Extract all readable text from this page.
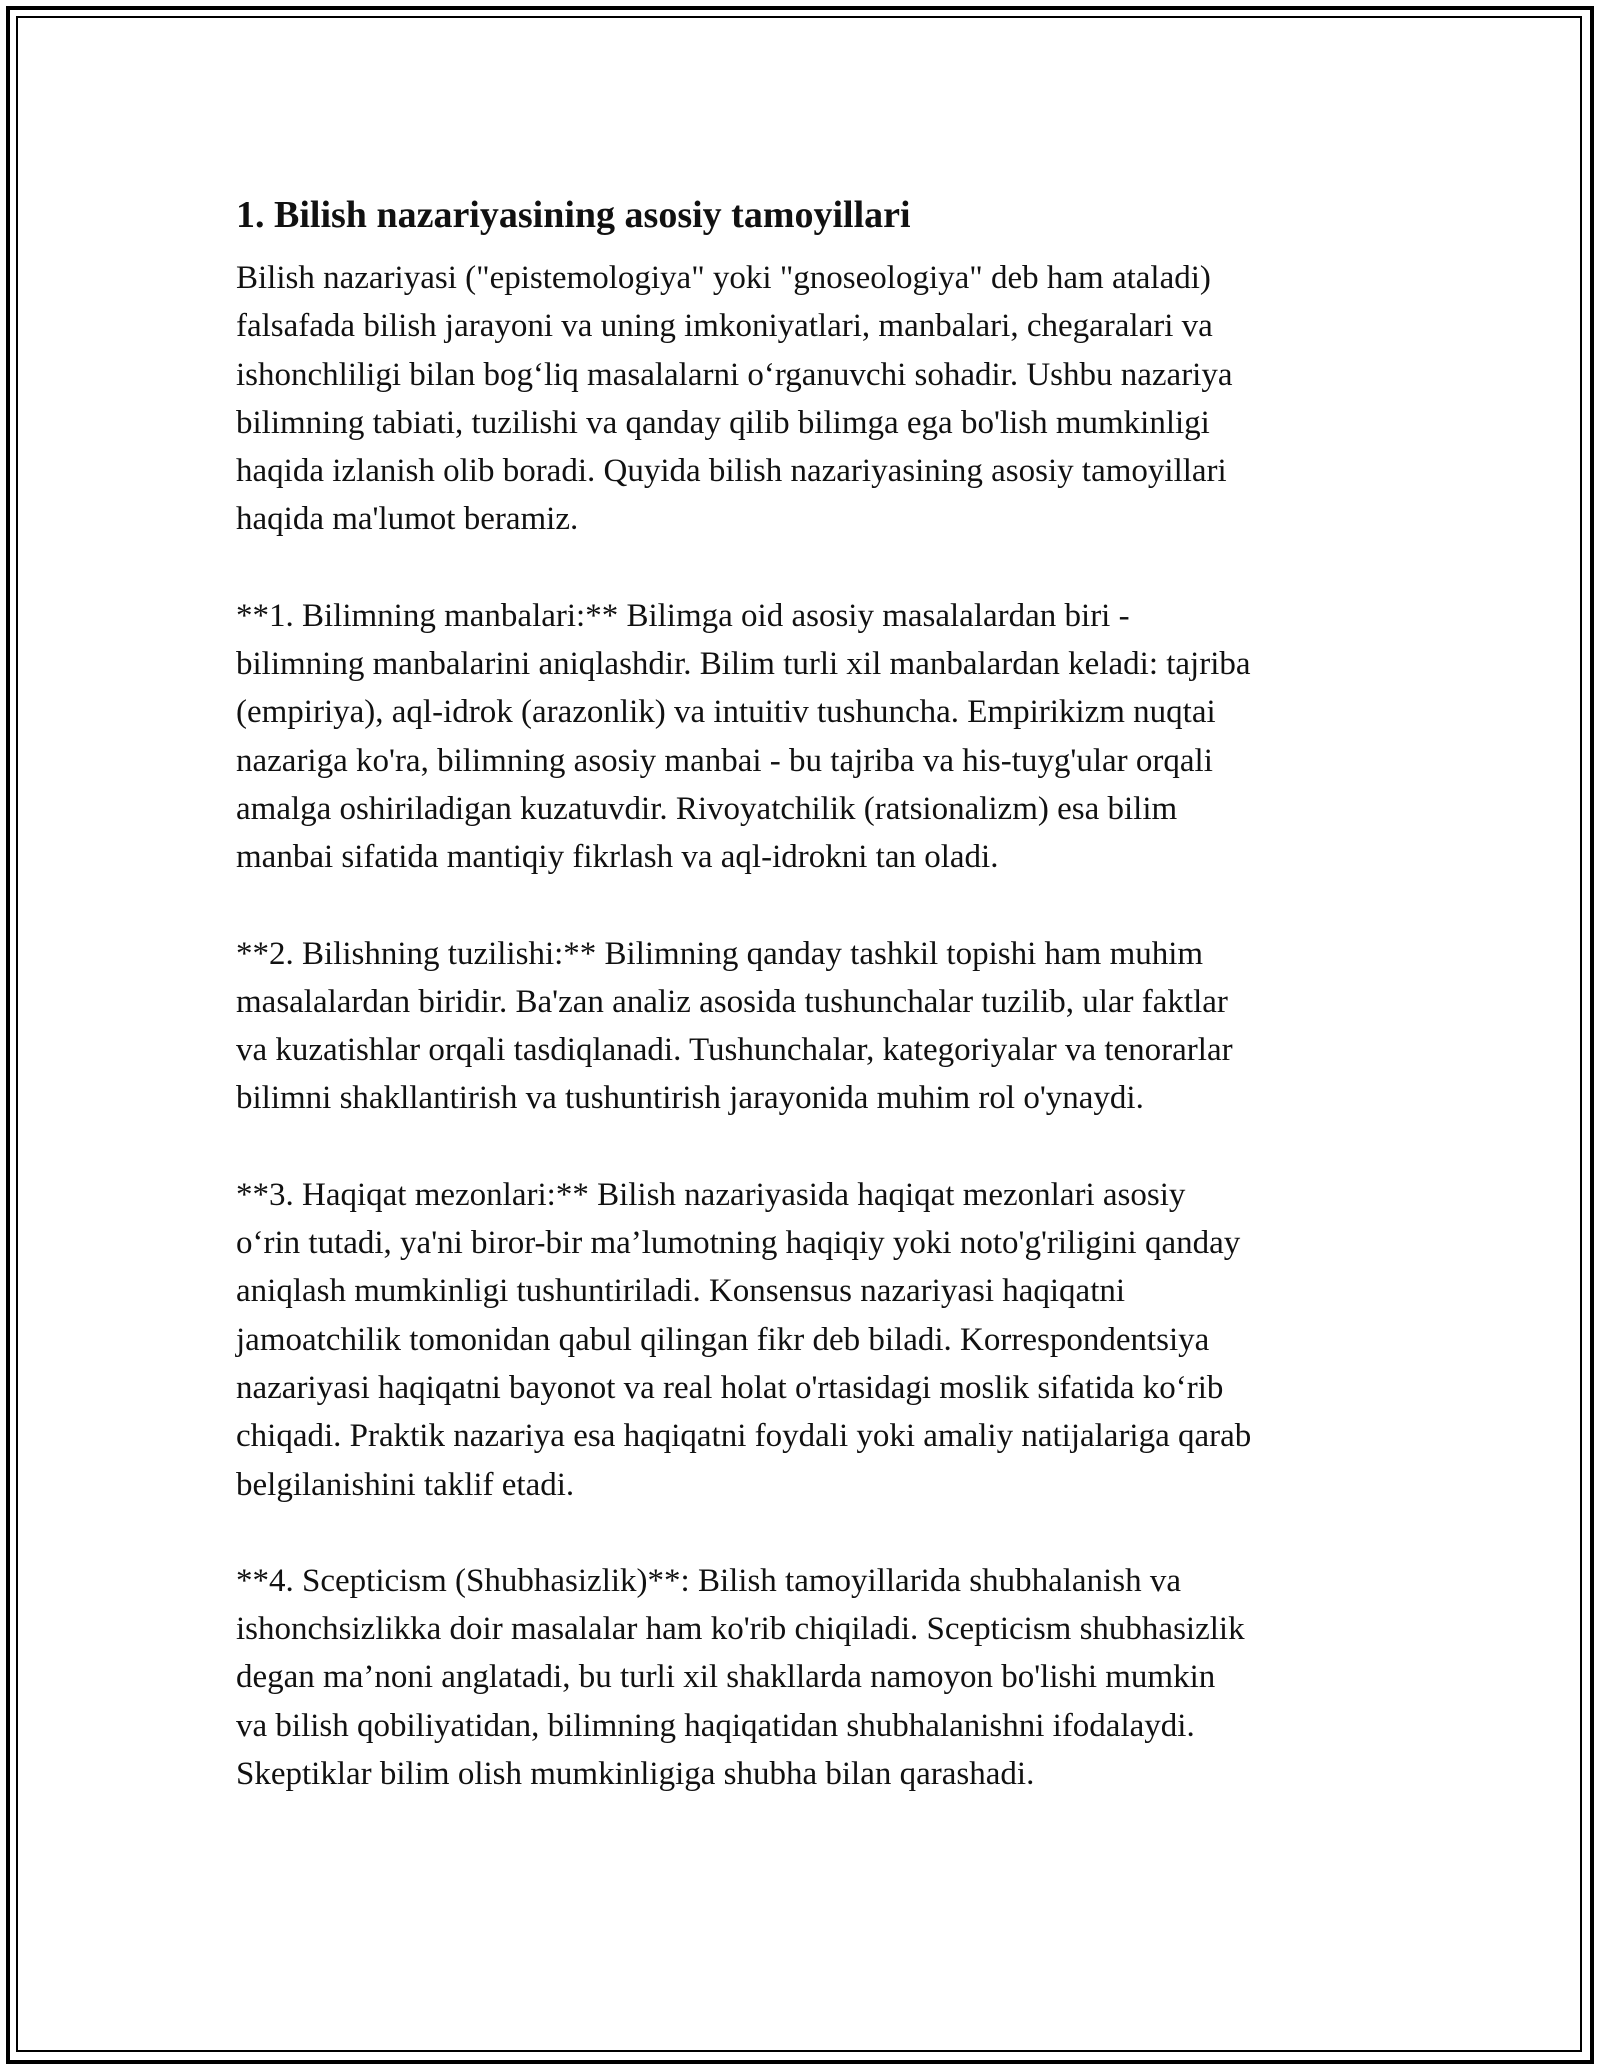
1. Bilish nazariyasining asosiy tamoyillari

Bilish nazariyasi ("epistemologiya" yoki "gnoseologiya" deb ham ataladi)
falsafada bilish jarayoni va uning imkoniyatlari, manbalari, chegaralari va
ishonchliligi bilan bog‘liq masalalarni o‘rganuvchi sohadir. Ushbu nazariya
bilimning tabiati, tuzilishi va qanday qilib bilimga ega bo'lish mumkinligi
haqida izlanish olib boradi. Quyida bilish nazariyasining asosiy tamoyillari
haqida ma'lumot beramiz.

**1. Bilimning manbalari:** Bilimga oid asosiy masalalardan biri -
bilimning manbalarini aniqlashdir. Bilim turli xil manbalardan keladi: tajriba
(empiriya), aql-idrok (arazonlik) va intuitiv tushuncha. Empirikizm nuqtai
nazariga ko'ra, bilimning asosiy manbai - bu tajriba va his-tuyg'ular orqali
amalga oshiriladigan kuzatuvdir. Rivoyatchilik (ratsionalizm) esa bilim
manbai sifatida mantiqiy fikrlash va aql-idrokni tan oladi.

**2. Bilishning tuzilishi:** Bilimning qanday tashkil topishi ham muhim
masalalardan biridir. Ba'zan analiz asosida tushunchalar tuzilib, ular faktlar
va kuzatishlar orqali tasdiqlanadi. Tushunchalar, kategoriyalar va tenorarlar
bilimni shakllantirish va tushuntirish jarayonida muhim rol o'ynaydi.

**3. Haqiqat mezonlari:** Bilish nazariyasida haqiqat mezonlari asosiy
o‘rin tutadi, ya'ni biror-bir ma’lumotning haqiqiy yoki noto'g'riligini qanday
aniqlash mumkinligi tushuntiriladi. Konsensus nazariyasi haqiqatni
jamoatchilik tomonidan qabul qilingan fikr deb biladi. Korrespondentsiya
nazariyasi haqiqatni bayonot va real holat o'rtasidagi moslik sifatida ko‘rib
chiqadi. Praktik nazariya esa haqiqatni foydali yoki amaliy natijalariga qarab
belgilanishini taklif etadi.

**4. Scepticism (Shubhasizlik)**: Bilish tamoyillarida shubhalanish va
ishonchsizlikka doir masalalar ham ko'rib chiqiladi. Scepticism shubhasizlik
degan ma’noni anglatadi, bu turli xil shakllarda namoyon bo'lishi mumkin
va bilish qobiliyatidan, bilimning haqiqatidan shubhalanishni ifodalaydi.
Skeptiklar bilim olish mumkinligiga shubha bilan qarashadi.
